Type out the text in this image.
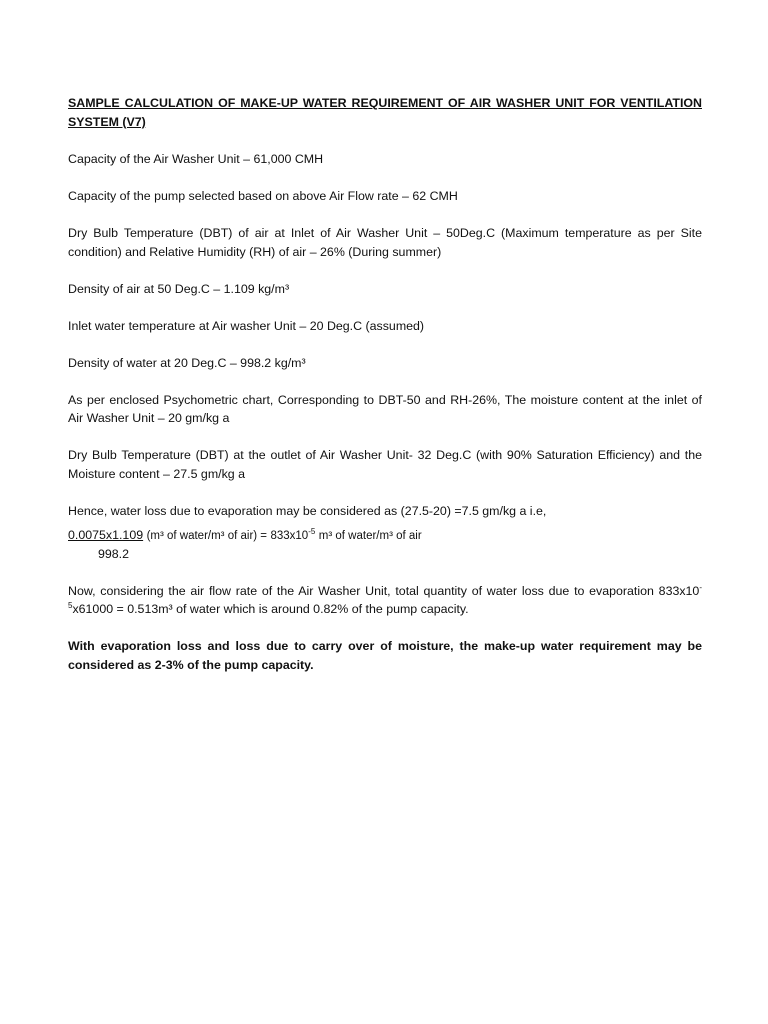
SAMPLE CALCULATION OF MAKE-UP WATER REQUIREMENT OF AIR WASHER UNIT FOR VENTILATION SYSTEM (V7)
Capacity of the Air Washer Unit – 61,000 CMH
Capacity of the pump selected based on above Air Flow rate – 62 CMH
Dry Bulb Temperature (DBT) of air at Inlet of Air Washer Unit – 50Deg.C (Maximum temperature as per Site condition) and Relative Humidity (RH) of air – 26% (During summer)
Density of air at 50 Deg.C – 1.109 kg/m³
Inlet water temperature at Air washer Unit – 20 Deg.C (assumed)
Density of water at 20 Deg.C – 998.2 kg/m³
As per enclosed Psychometric chart, Corresponding to DBT-50 and RH-26%, The moisture content at the inlet of Air Washer Unit – 20 gm/kg a
Dry Bulb Temperature (DBT) at the outlet of Air Washer Unit- 32 Deg.C (with 90% Saturation Efficiency) and the Moisture content – 27.5 gm/kg a
Hence, water loss due to evaporation may be considered as (27.5-20) =7.5 gm/kg a i.e,
0.0075x1.109 (m³ of water/m³ of $air) = 833x10^{-5}$ m³ of water/m³ of air
998.2
Now, considering the air flow rate of the Air Washer Unit, total quantity of water loss due to evaporation $833x10^{-5}x61000 = 0.513m^3$ of water which is around 0.82% of the pump capacity.
With evaporation loss and loss due to carry over of moisture, the make-up water requirement may be considered as 2-3% of the pump capacity.
